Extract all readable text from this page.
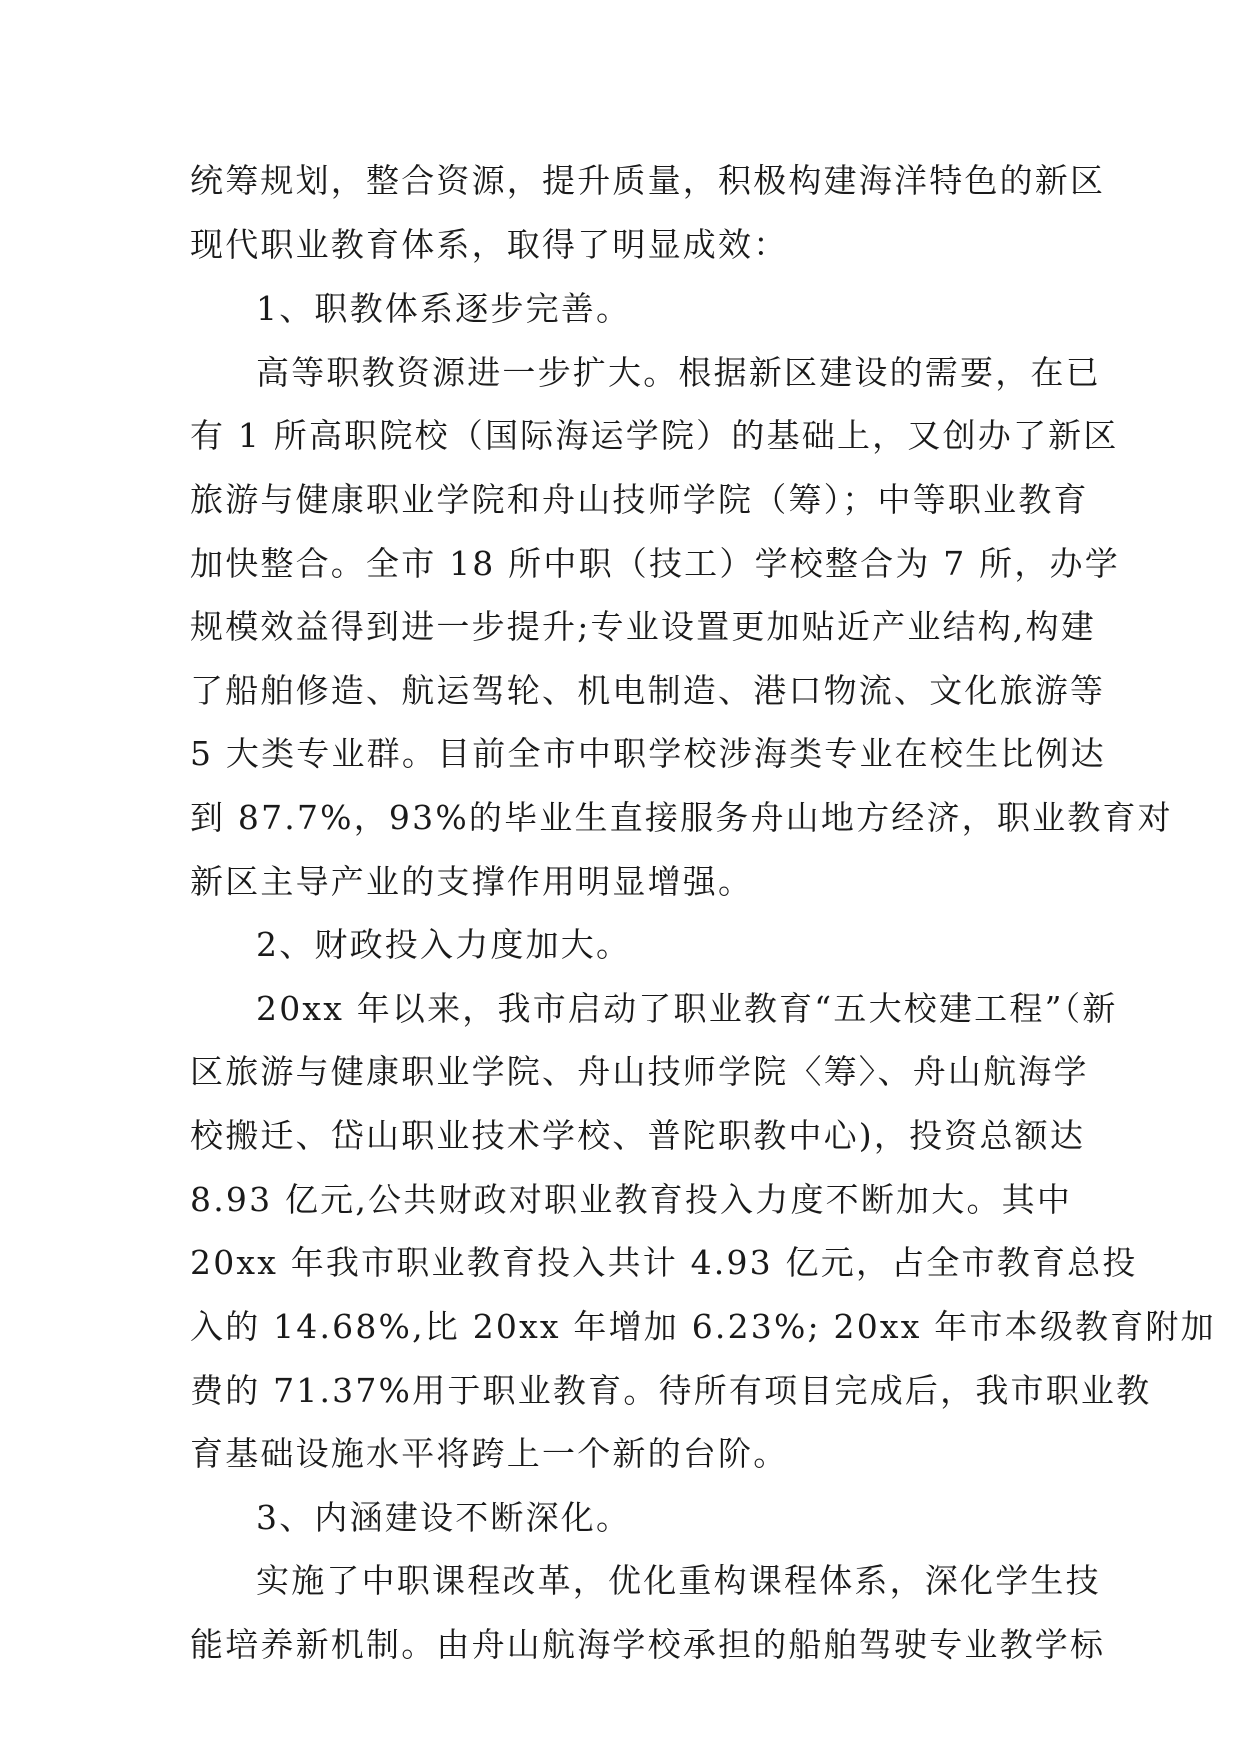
统筹规划，整合资源，提升质量，积极构建海洋特色的新区
现代职业教育体系，取得了明显成效：
1、职教体系逐步完善。
高等职教资源进一步扩大。根据新区建设的需要，在已
有 1 所高职院校（国际海运学院）的基础上，又创办了新区
旅游与健康职业学院和舟山技师学院（筹）；中等职业教育
加快整合。全市 18 所中职（技工）学校整合为 7 所，办学
规模效益得到进一步提升;专业设置更加贴近产业结构,构建
了船舶修造、航运驾轮、机电制造、港口物流、文化旅游等
5 大类专业群。目前全市中职学校涉海类专业在校生比例达
到 87.7%，93%的毕业生直接服务舟山地方经济，职业教育对
新区主导产业的支撑作用明显增强。
2、财政投入力度加大。
20xx 年以来，我市启动了职业教育“五大校建工程”（新
区旅游与健康职业学院、舟山技师学院〈筹〉、舟山航海学
校搬迁、岱山职业技术学校、普陀职教中心)，投资总额达
8.93 亿元,公共财政对职业教育投入力度不断加大。其中
20xx 年我市职业教育投入共计 4.93 亿元，占全市教育总投
入的 14.68%,比 20xx 年增加 6.23%; 20xx 年市本级教育附加
费的 71.37%用于职业教育。待所有项目完成后，我市职业教
育基础设施水平将跨上一个新的台阶。
3、内涵建设不断深化。
实施了中职课程改革，优化重构课程体系，深化学生技
能培养新机制。由舟山航海学校承担的船舶驾驶专业教学标
